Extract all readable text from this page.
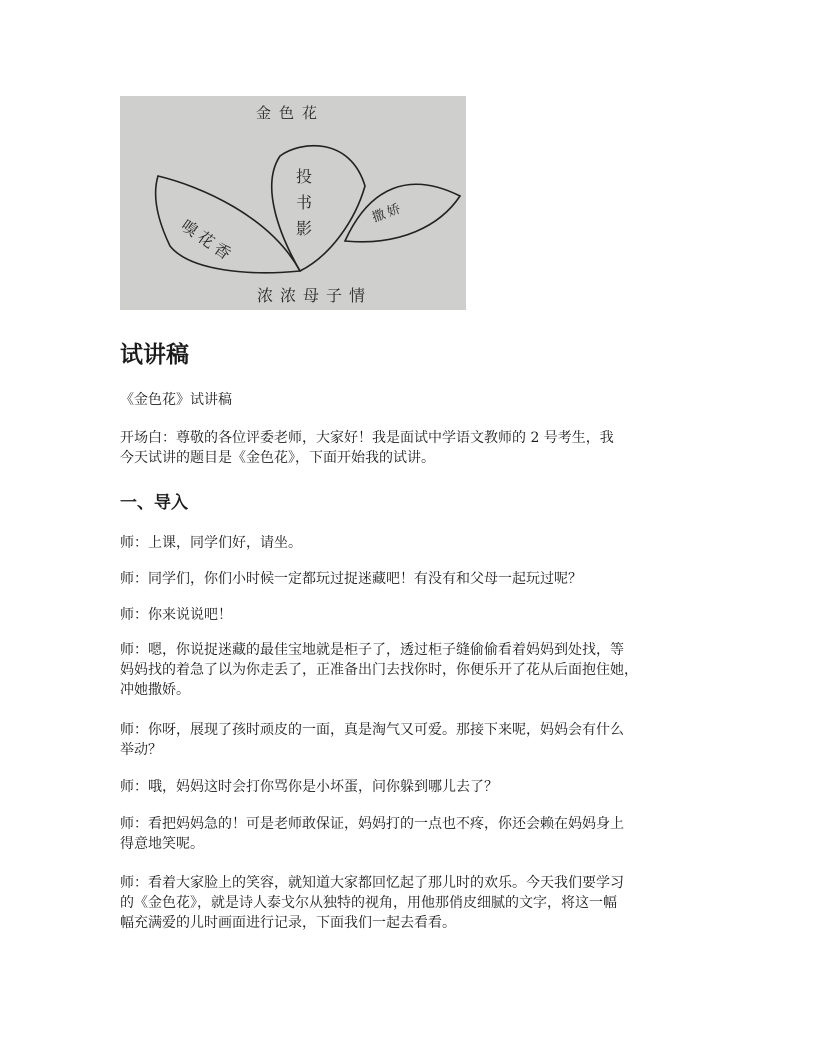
金色花
嗅花香	投书影	撒娇
浓浓母子情
试讲稿

《金色花》试讲稿

开场白：尊敬的各位评委老师，大家好！我是面试中学语文教师的 2 号考生，我
今天试讲的题目是《金色花》，下面开始我的试讲。

一、导入

师：上课，同学们好，请坐。

师：同学们，你们小时候一定都玩过捉迷藏吧！有没有和父母一起玩过呢？

师：你来说说吧！

师：嗯，你说捉迷藏的最佳宝地就是柜子了，透过柜子缝偷偷看着妈妈到处找，等
妈妈找的着急了以为你走丢了，正准备出门去找你时，你便乐开了花从后面抱住她，
冲她撒娇。

师：你呀，展现了孩时顽皮的一面，真是淘气又可爱。那接下来呢，妈妈会有什么
举动？

师：哦，妈妈这时会打你骂你是小坏蛋，问你躲到哪儿去了？

师：看把妈妈急的！可是老师敢保证，妈妈打的一点也不疼，你还会赖在妈妈身上
得意地笑呢。

师：看着大家脸上的笑容，就知道大家都回忆起了那儿时的欢乐。今天我们要学习
的《金色花》，就是诗人泰戈尔从独特的视角，用他那俏皮细腻的文字，将这一幅
幅充满爱的儿时画面进行记录，下面我们一起去看看。
